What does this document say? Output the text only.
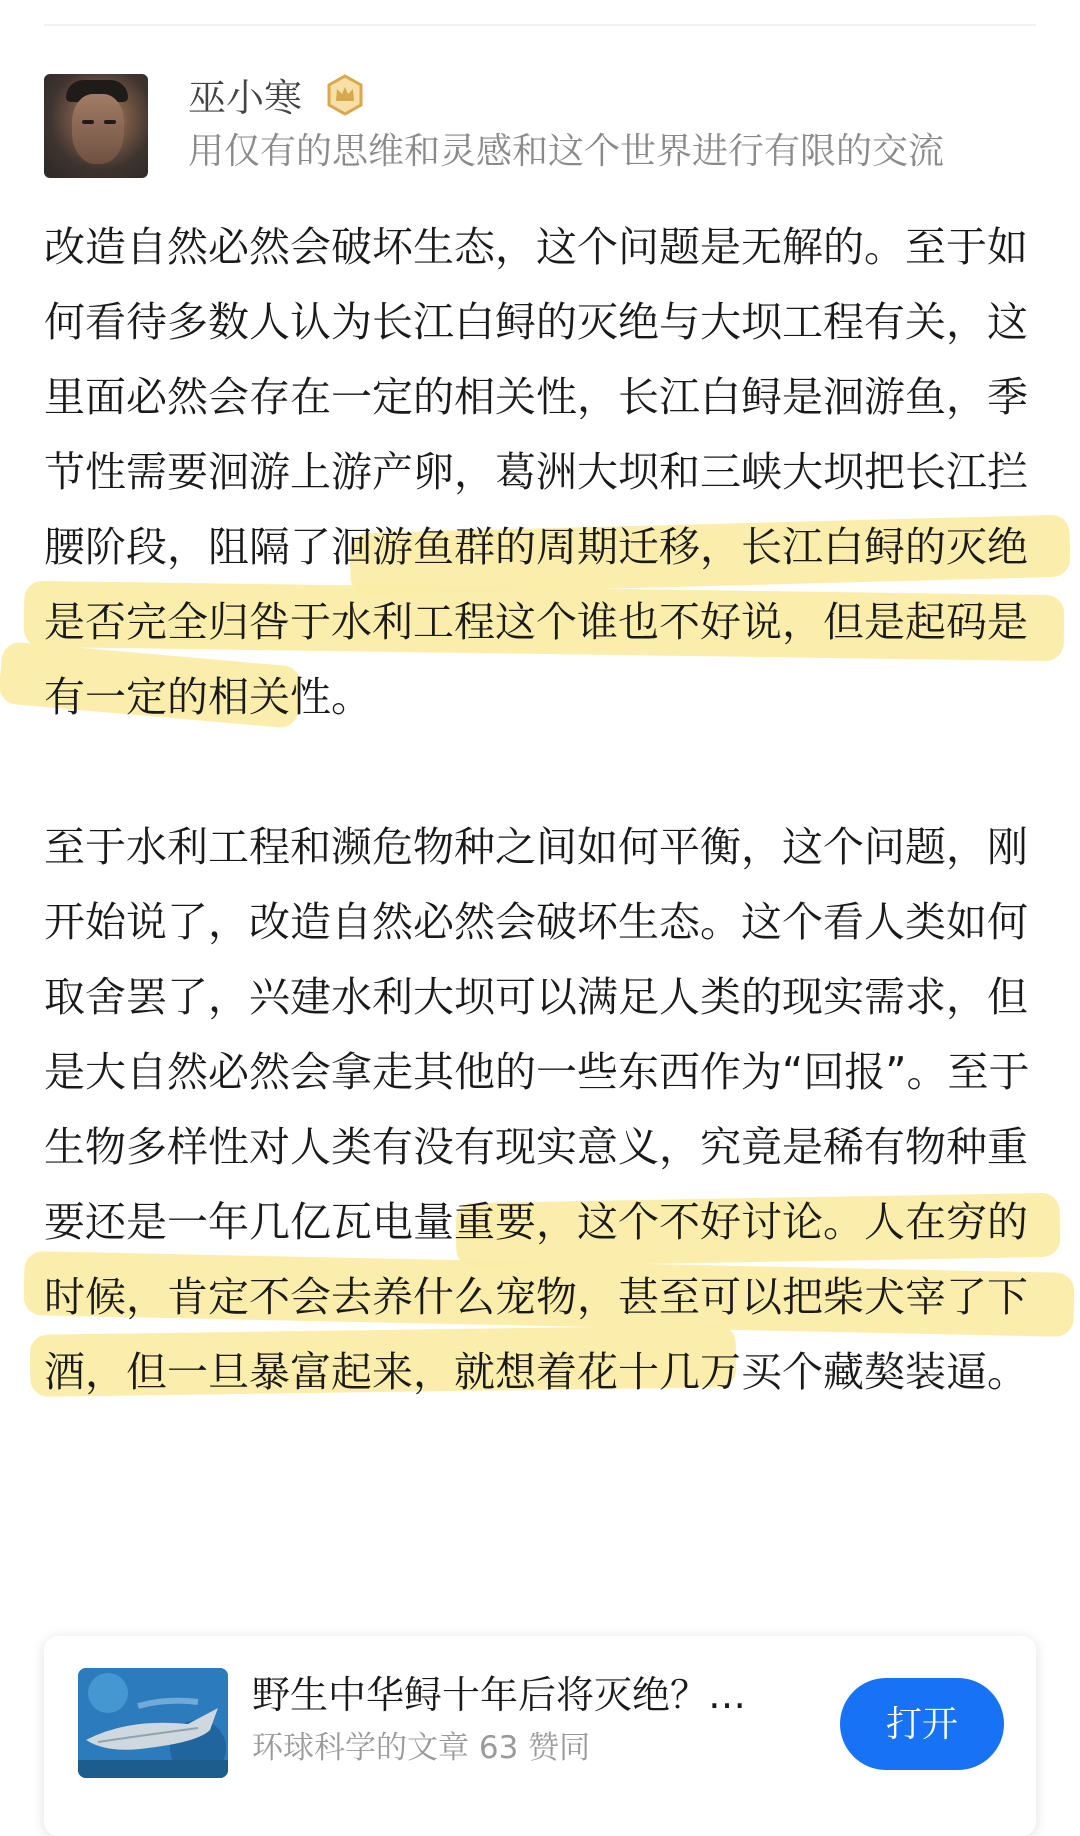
巫小寒
用仅有的思维和灵感和这个世界进行有限的交流

改造自然必然会破坏生态，这个问题是无解的。至于如何看待多数人认为长江白鲟的灭绝与大坝工程有关，这里面必然会存在一定的相关性，长江白鲟是洄游鱼，季节性需要洄游上游产卵，葛洲大坝和三峡大坝把长江拦腰阶段，阻隔了洄游鱼群的周期迁移，长江白鲟的灭绝是否完全归咎于水利工程这个谁也不好说，但是起码是有一定的相关性。

至于水利工程和濒危物种之间如何平衡，这个问题，刚开始说了，改造自然必然会破坏生态。这个看人类如何取舍罢了，兴建水利大坝可以满足人类的现实需求，但是大自然必然会拿走其他的一些东西作为“回报”。至于生物多样性对人类有没有现实意义，究竟是稀有物种重要还是一年几亿瓦电量重要，这个不好讨论。人在穷的时候，肯定不会去养什么宠物，甚至可以把柴犬宰了下酒，但一旦暴富起来，就想着花十几万买个藏獒装逼。

野生中华鲟十年后将灭绝？…
环球科学的文章 63 赞同
打开
